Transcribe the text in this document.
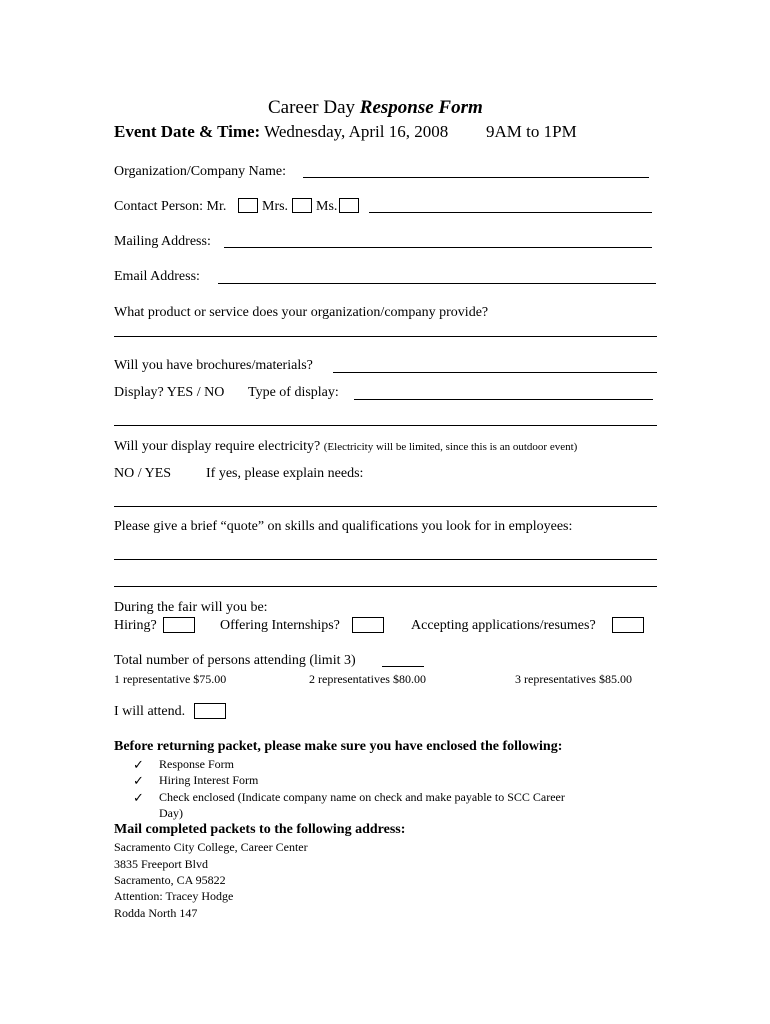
Career Day Response Form
Event Date & Time: Wednesday, April 16, 2008 9AM to 1PM
Organization/Company Name:
Contact Person: Mr.	Mrs. Ms.
Mailing Address:
Email Address:
What product or service does your organization/company provide?
Will you have brochures/materials?
Display? YES / NO Type of display:
Will your display require electricity? (Electricity will be limited, since this is an outdoor event)
NO / YES If yes, please explain needs:
Please give a brief “quote” on skills and qualifications you look for in employees:
During the fair will you be:
Hiring?	Offering Internships?	Accepting applications/resumes?
Total number of persons attending (limit 3)
1 representative $75.00	2 representatives $80.00	3 representatives $85.00
I will attend.
Before returning packet, please make sure you have enclosed the following:
✓ Response Form
✓ Hiring Interest Form
✓ Check enclosed (Indicate company name on check and make payable to SCC Career
Day)
Mail completed packets to the following address:
Sacramento City College, Career Center
3835 Freeport Blvd
Sacramento, CA 95822
Attention: Tracey Hodge
Rodda North 147
